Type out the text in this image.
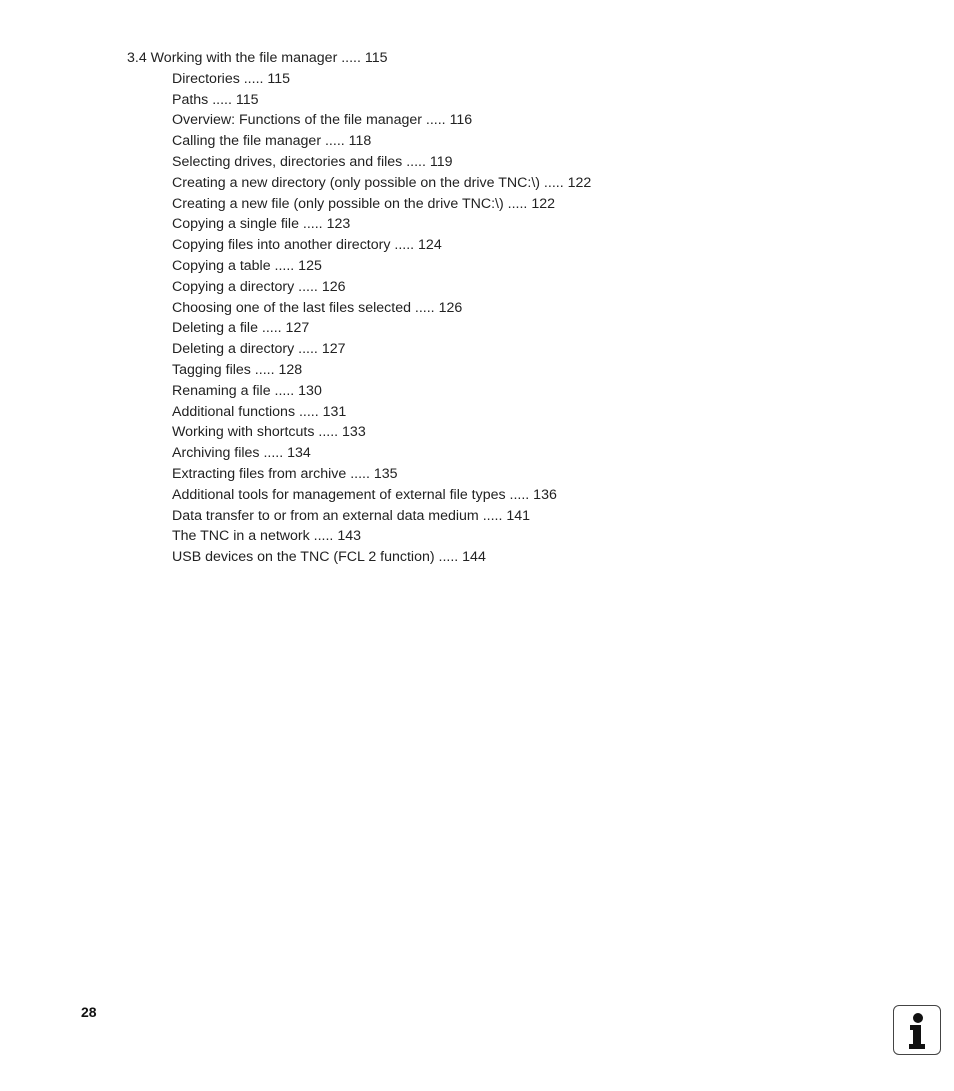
3.4 Working with the file manager ..... 115
Directories ..... 115
Paths ..... 115
Overview: Functions of the file manager ..... 116
Calling the file manager ..... 118
Selecting drives, directories and files ..... 119
Creating a new directory (only possible on the drive TNC:\) ..... 122
Creating a new file (only possible on the drive TNC:\) ..... 122
Copying a single file ..... 123
Copying files into another directory ..... 124
Copying a table ..... 125
Copying a directory ..... 126
Choosing one of the last files selected ..... 126
Deleting a file ..... 127
Deleting a directory ..... 127
Tagging files ..... 128
Renaming a file ..... 130
Additional functions ..... 131
Working with shortcuts ..... 133
Archiving files ..... 134
Extracting files from archive ..... 135
Additional tools for management of external file types ..... 136
Data transfer to or from an external data medium ..... 141
The TNC in a network ..... 143
USB devices on the TNC (FCL 2 function) ..... 144
28
